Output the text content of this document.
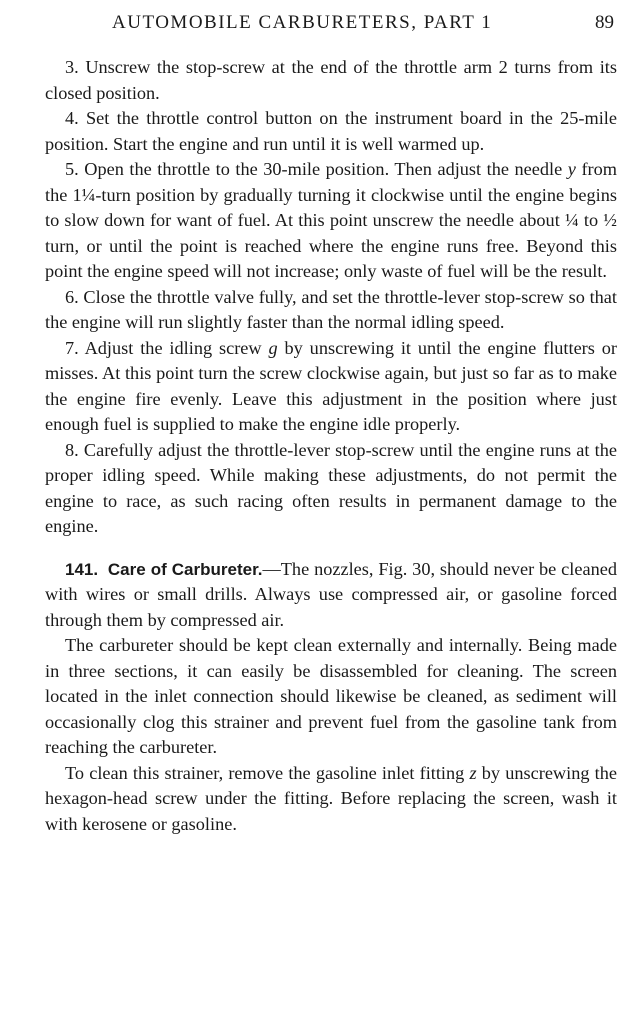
AUTOMOBILE CARBURETERS, PART 1	89

3. Unscrew the stop-screw at the end of the throttle arm 2 turns from its closed position.

4. Set the throttle control button on the instrument board in the 25-mile position. Start the engine and run until it is well warmed up.

5. Open the throttle to the 30-mile position. Then adjust the needle y from the 1¼-turn position by gradually turning it clockwise until the engine begins to slow down for want of fuel. At this point unscrew the needle about ¼ to ½ turn, or until the point is reached where the engine runs free. Beyond this point the engine speed will not increase; only waste of fuel will be the result.

6. Close the throttle valve fully, and set the throttle-lever stop-screw so that the engine will run slightly faster than the normal idling speed.

7. Adjust the idling screw g by unscrewing it until the engine flutters or misses. At this point turn the screw clockwise again, but just so far as to make the engine fire evenly. Leave this adjustment in the position where just enough fuel is supplied to make the engine idle properly.

8. Carefully adjust the throttle-lever stop-screw until the engine runs at the proper idling speed. While making these adjustments, do not permit the engine to race, as such racing often results in permanent damage to the engine.

141. Care of Carbureter.—The nozzles, Fig. 30, should never be cleaned with wires or small drills. Always use compressed air, or gasoline forced through them by compressed air.

The carbureter should be kept clean externally and internally. Being made in three sections, it can easily be disassembled for cleaning. The screen located in the inlet connection should likewise be cleaned, as sediment will occasionally clog this strainer and prevent fuel from the gasoline tank from reaching the carbureter.

To clean this strainer, remove the gasoline inlet fitting z by unscrewing the hexagon-head screw under the fitting. Before replacing the screen, wash it with kerosene or gasoline.
